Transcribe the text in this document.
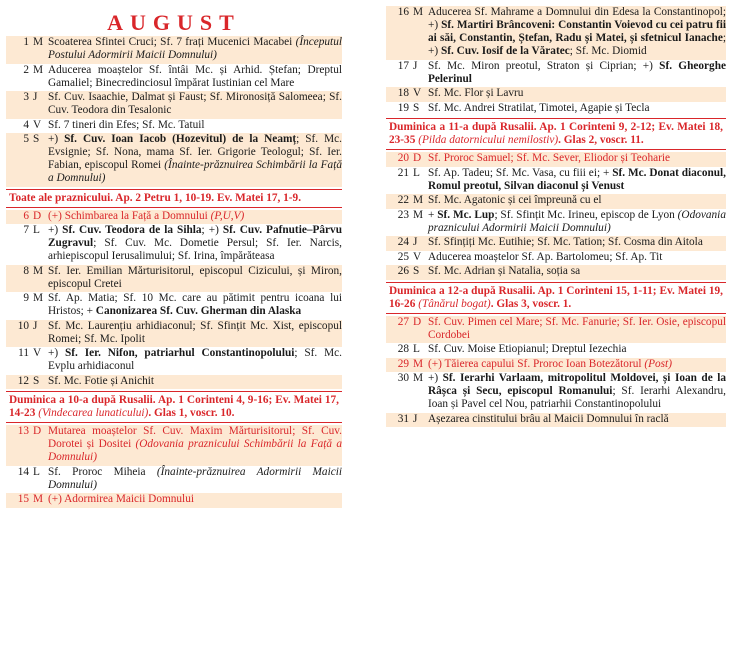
AUGUST
1 M Scoaterea Sfintei Cruci; Sf. 7 frați Mucenici Macabei (Începutul Postului Adormirii Maicii Domnului)
2 M Aducerea moaștelor Sf. întâi Mc. și Arhid. Ștefan; Dreptul Gamaliel; Binecredinciosul împărat Iustinian cel Mare
3 J Sf. Cuv. Isaachie, Dalmat și Faust; Sf. Mironosiță Salomeea; Sf. Cuv. Teodora din Tesalonic
4 V Sf. 7 tineri din Efes; Sf. Mc. Tatuil
5 S +) Sf. Cuv. Ioan Iacob (Hozevitul) de la Neamț; Sf. Mc. Evsignie; Sf. Nona, mama Sf. Ier. Grigorie Teologul; Sf. Ier. Fabian, episcopul Romei (Înainte-prăznuirea Schimbării la Față a Domnului)
Toate ale praznicului. Ap. 2 Petru 1, 10-19. Ev. Matei 17, 1-9.
6 D (+) Schimbarea la Față a Domnului (P,U,V)
7 L +) Sf. Cuv. Teodora de la Sihla; +) Sf. Cuv. Pafnutie–Pârvu Zugravul; Sf. Cuv. Mc. Dometie Persul; Sf. Ier. Narcis, arhiepiscopul Ierusalimului; Sf. Irina, împărăteasa
8 M Sf. Ier. Emilian Mărturisitorul, episcopul Cizicului, și Miron, episcopul Cretei
9 M Sf. Ap. Matia; Sf. 10 Mc. care au pătimit pentru icoana lui Hristos; + Canonizarea Sf. Cuv. Gherman din Alaska
10 J Sf. Mc. Laurențiu arhidiaconul; Sf. Sfințit Mc. Xist, episcopul Romei; Sf. Mc. Ipolit
11 V +) Sf. Ier. Nifon, patriarhul Constantinopolului; Sf. Mc. Evplu arhidiaconul
12 S Sf. Mc. Fotie și Anichit
Duminica a 10-a după Rusalii. Ap. 1 Corinteni 4, 9-16; Ev. Matei 17, 14-23 (Vindecarea lunaticului). Glas 1, voscr. 10.
13 D Mutarea moaștelor Sf. Cuv. Maxim Mărturisitorul; Sf. Cuv. Dorotei și Dositei (Odovania praznicului Schimbării la Față a Domnului)
14 L Sf. Proroc Miheia (Înainte-prăznuirea Adormirii Maicii Domnului)
15 M (+) Adormirea Maicii Domnului
16 M Aducerea Sf. Mahrame a Domnului din Edesa la Constantinopol; +) Sf. Martiri Brâncoveni: Constantin Voievod cu cei patru fii ai săi, Constantin, Ștefan, Radu și Matei, și sfetnicul Ianache; +) Sf. Cuv. Iosif de la Văratec; Sf. Mc. Diomid
17 J Sf. Mc. Miron preotul, Straton și Ciprian; +) Sf. Gheorghe Pelerinul
18 V Sf. Mc. Flor și Lavru
19 S Sf. Mc. Andrei Stratilat, Timotei, Agapie și Tecla
Duminica a 11-a după Rusalii. Ap. 1 Corinteni 9, 2-12; Ev. Matei 18, 23-35 (Pilda datornicului nemilostiv). Glas 2, voscr. 11.
20 D Sf. Proroc Samuel; Sf. Mc. Sever, Eliodor și Teoharie
21 L Sf. Ap. Tadeu; Sf. Mc. Vasa, cu fiii ei; + Sf. Mc. Donat diaconul, Romul preotul, Silvan diaconul și Venust
22 M Sf. Mc. Agatonic și cei împreună cu el
23 M + Sf. Mc. Lup; Sf. Sfințit Mc. Irineu, episcop de Lyon (Odovania praznicului Adormirii Maicii Domnului)
24 J Sf. Sfințiți Mc. Eutihie; Sf. Mc. Tation; Sf. Cosma din Aitola
25 V Aducerea moaștelor Sf. Ap. Bartolomeu; Sf. Ap. Tit
26 S Sf. Mc. Adrian și Natalia, soția sa
Duminica a 12-a după Rusalii. Ap. 1 Corinteni 15, 1-11; Ev. Matei 19, 16-26 (Tânărul bogat). Glas 3, voscr. 1.
27 D Sf. Cuv. Pimen cel Mare; Sf. Mc. Fanurie; Sf. Ier. Osie, episcopul Cordobei
28 L Sf. Cuv. Moise Etiopianul; Dreptul Iezechia
29 M (+) Tăierea capului Sf. Proroc Ioan Botezătorul (Post)
30 M +) Sf. Ierarhi Varlaam, mitropolitul Moldovei, și Ioan de la Râșca și Secu, episcopul Romanului; Sf. Ierarhi Alexandru, Ioan și Pavel cel Nou, patriarhii Constantinopolului
31 J Așezarea cinstitului brâu al Maicii Domnului în raclă
